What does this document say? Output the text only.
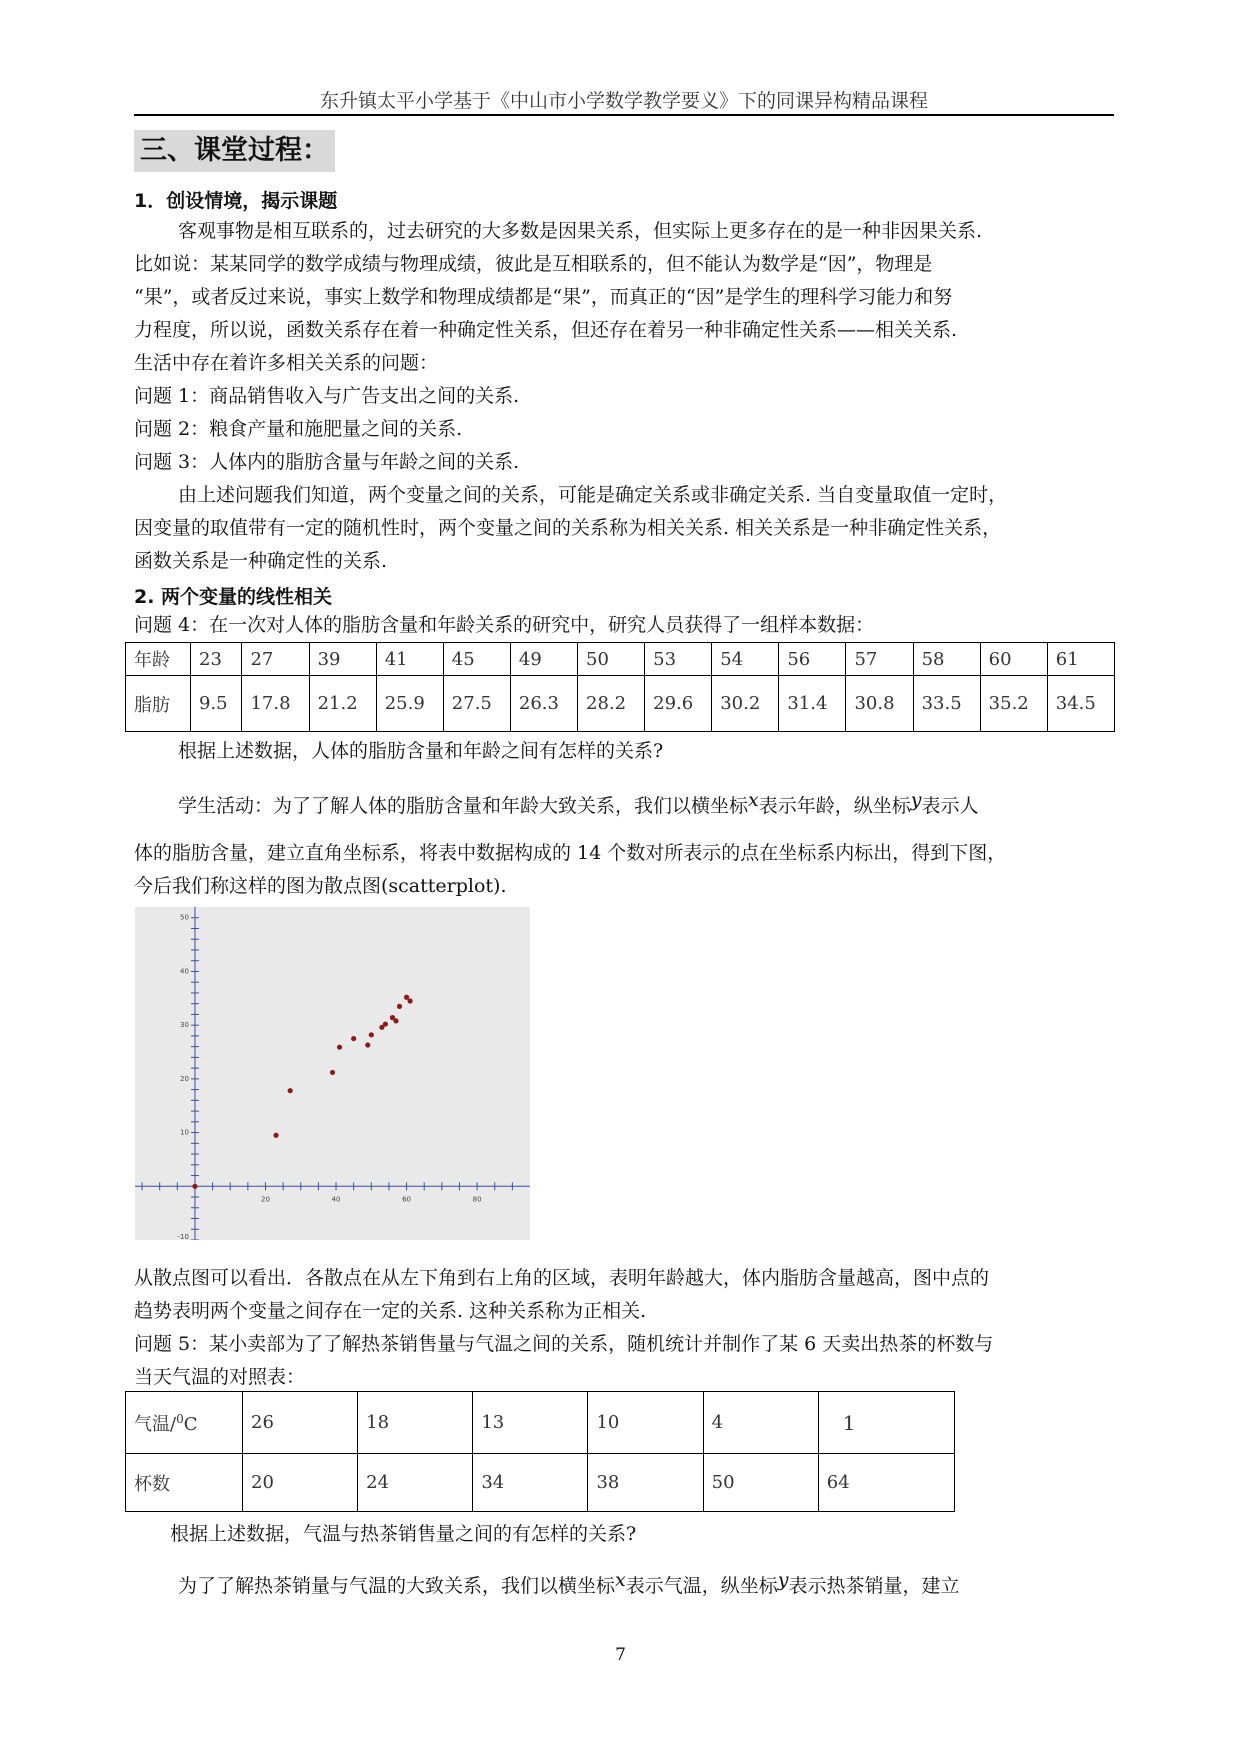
东升镇太平小学基于《中山市小学数学教学要义》下的同课异构精品课程
三、课堂过程：
1．创设情境，揭示课题
客观事物是相互联系的，过去研究的大多数是因果关系，但实际上更多存在的是一种非因果关系.
比如说：某某同学的数学成绩与物理成绩，彼此是互相联系的，但不能认为数学是“因”，物理是
“果”，或者反过来说，事实上数学和物理成绩都是“果”，而真正的“因”是学生的理科学习能力和努
力程度，所以说，函数关系存在着一种确定性关系，但还存在着另一种非确定性关系——相关关系.
生活中存在着许多相关关系的问题：
问题 1：商品销售收入与广告支出之间的关系.
问题 2：粮食产量和施肥量之间的关系.
问题 3：人体内的脂肪含量与年龄之间的关系.
由上述问题我们知道，两个变量之间的关系，可能是确定关系或非确定关系. 当自变量取值一定时，
因变量的取值带有一定的随机性时，两个变量之间的关系称为相关关系. 相关关系是一种非确定性关系，
函数关系是一种确定性的关系.
2. 两个变量的线性相关
问题 4：在一次对人体的脂肪含量和年龄关系的研究中，研究人员获得了一组样本数据：
年龄	23	27	39	41	45	49	50	53	54	56	57	58	60	61
脂肪	9.5	17.8	21.2	25.9	27.5	26.3	28.2	29.6	30.2	31.4	30.8	33.5	35.2	34.5
根据上述数据，人体的脂肪含量和年龄之间有怎样的关系?
学生活动：为了了解人体的脂肪含量和年龄大致关系，我们以横坐标x表示年龄，纵坐标y表示人
体的脂肪含量，建立直角坐标系，将表中数据构成的 14 个数对所表示的点在坐标系内标出，得到下图，
今后我们称这样的图为散点图(scatterplot).
20	40	60	80
10
20
30
40
50
-10
从散点图可以看出．各散点在从左下角到右上角的区域，表明年龄越大，体内脂肪含量越高，图中点的
趋势表明两个变量之间存在一定的关系. 这种关系称为正相关.
问题 5：某小卖部为了了解热茶销售量与气温之间的关系，随机统计并制作了某 6 天卖出热茶的杯数与
当天气温的对照表：
气温/$^0$C	26	18	13	10	4	1
杯数	20	24	34	38	50	64
根据上述数据，气温与热茶销售量之间的有怎样的关系?
为了了解热茶销量与气温的大致关系，我们以横坐标x表示气温，纵坐标y表示热茶销量，建立
7
